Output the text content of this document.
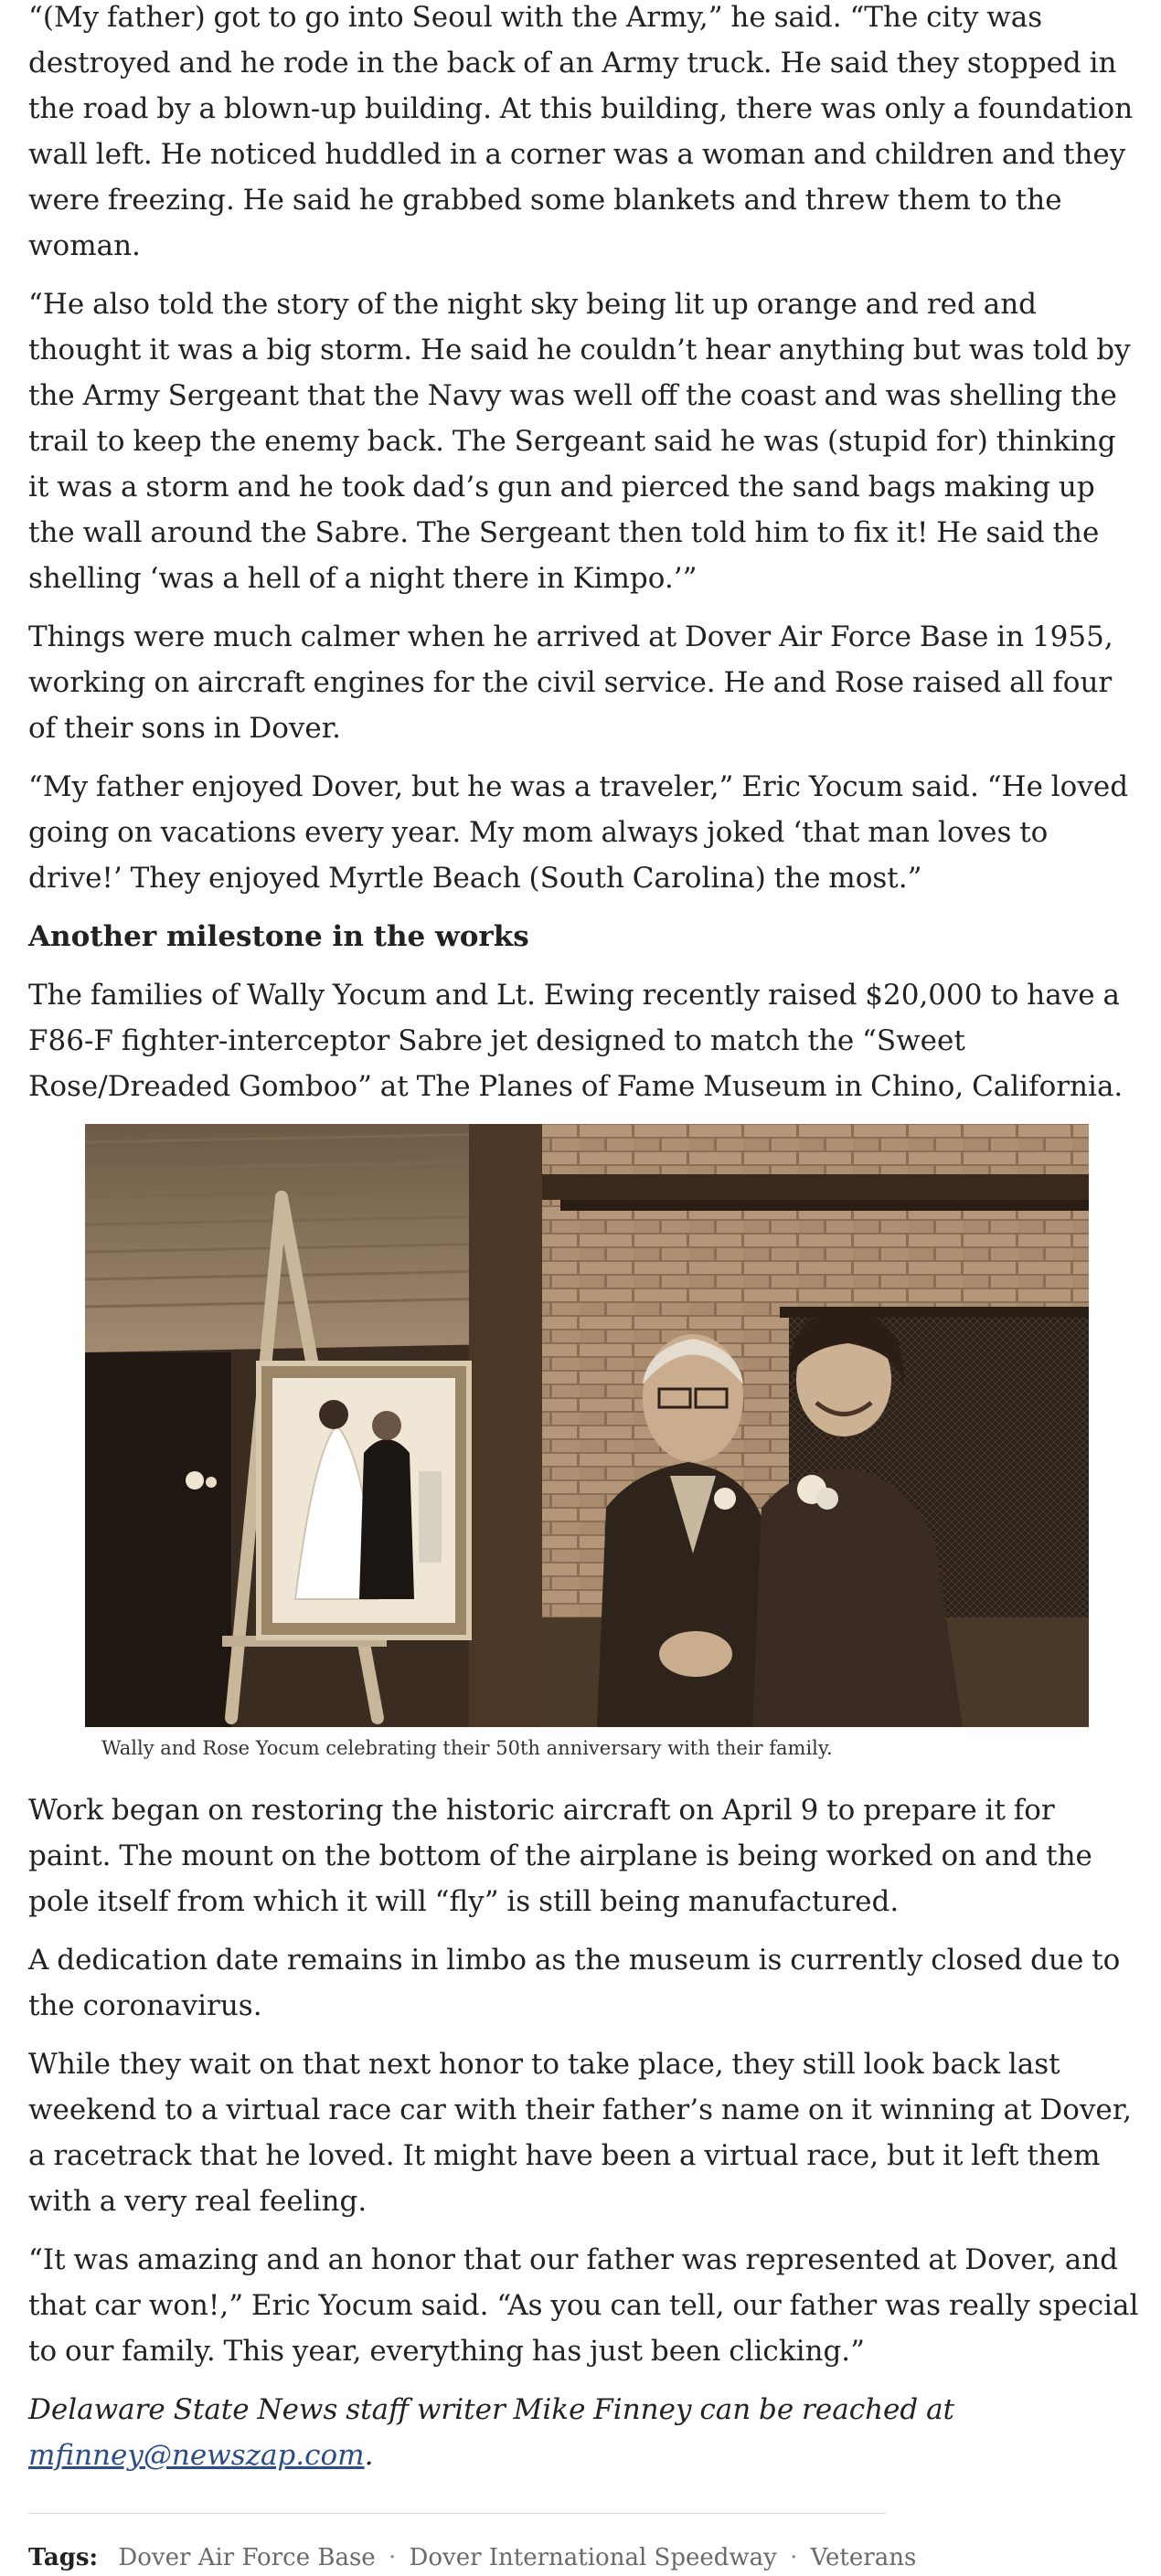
“(My father) got to go into Seoul with the Army,” he said. “The city was destroyed and he rode in the back of an Army truck. He said they stopped in the road by a blown-up building. At this building, there was only a foundation wall left. He noticed huddled in a corner was a woman and children and they were freezing. He said he grabbed some blankets and threw them to the woman.

“He also told the story of the night sky being lit up orange and red and thought it was a big storm. He said he couldn’t hear anything but was told by the Army Sergeant that the Navy was well off the coast and was shelling the trail to keep the enemy back. The Sergeant said he was (stupid for) thinking it was a storm and he took dad’s gun and pierced the sand bags making up the wall around the Sabre. The Sergeant then told him to fix it! He said the shelling ‘was a hell of a night there in Kimpo.’”

Things were much calmer when he arrived at Dover Air Force Base in 1955, working on aircraft engines for the civil service. He and Rose raised all four of their sons in Dover.

“My father enjoyed Dover, but he was a traveler,” Eric Yocum said. “He loved going on vacations every year. My mom always joked ‘that man loves to drive!’ They enjoyed Myrtle Beach (South Carolina) the most.”

Another milestone in the works

The families of Wally Yocum and Lt. Ewing recently raised $20,000 to have a F86-F fighter-interceptor Sabre jet designed to match the “Sweet Rose/Dreaded Gomboo” at The Planes of Fame Museum in Chino, California.

Wally and Rose Yocum celebrating their 50th anniversary with their family.

Work began on restoring the historic aircraft on April 9 to prepare it for paint. The mount on the bottom of the airplane is being worked on and the pole itself from which it will “fly” is still being manufactured.

A dedication date remains in limbo as the museum is currently closed due to the coronavirus.

While they wait on that next honor to take place, they still look back last weekend to a virtual race car with their father’s name on it winning at Dover, a racetrack that he loved. It might have been a virtual race, but it left them with a very real feeling.

“It was amazing and an honor that our father was represented at Dover, and that car won!,” Eric Yocum said. “As you can tell, our father was really special to our family. This year, everything has just been clicking.”

Delaware State News staff writer Mike Finney can be reached at mfinney@newszap.com.

Tags: Dover Air Force Base · Dover International Speedway · Veterans
